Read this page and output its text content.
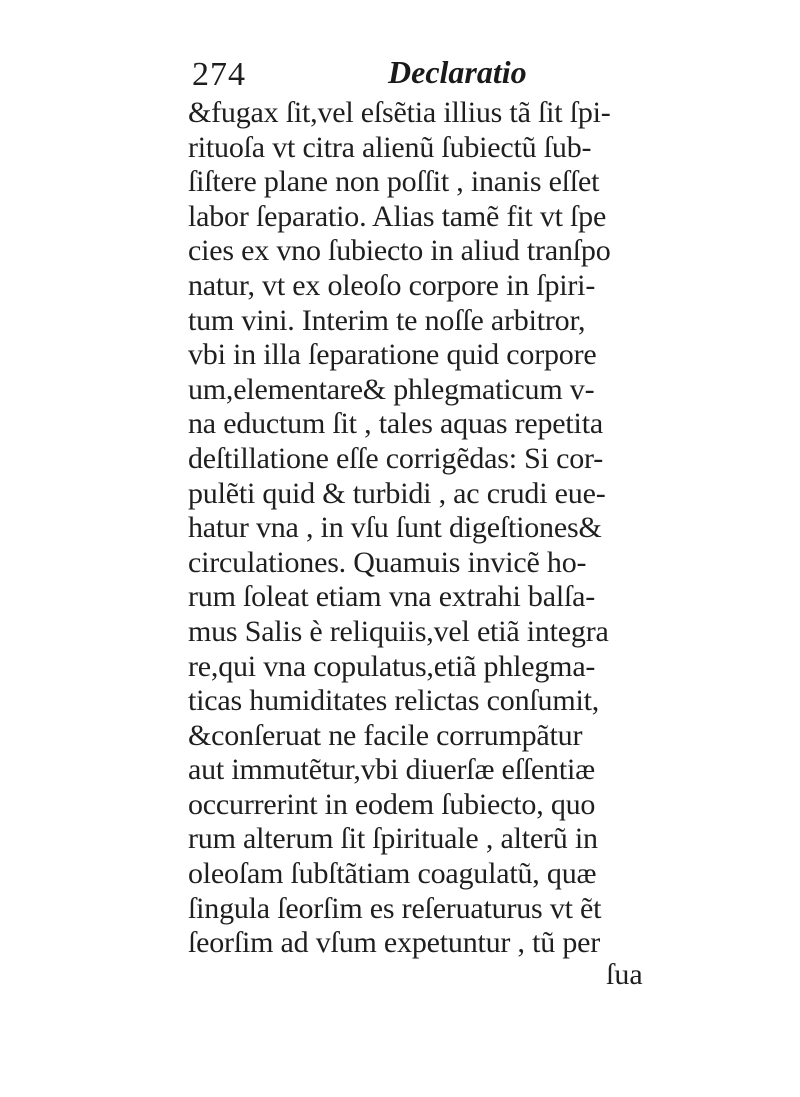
274	Declaratio
&fugax ſit,vel eſsẽtia illius tã ſit ſpi-
rituoſa vt citra alienũ ſubiectũ ſub-
ſiſtere plane non poſſit , inanis eſſet
labor ſeparatio. Alias tamẽ fit vt ſpe
cies ex vno ſubiecto in aliud tranſpo
natur, vt ex oleoſo corpore in ſpiri-
tum vini. Interim te noſſe arbitror,
vbi in illa ſeparatione quid corpore
um,elementare& phlegmaticum v-
na eductum ſit , tales aquas repetita
deſtillatione eſſe corrigẽdas: Si cor-
pulẽti quid & turbidi , ac crudi eue-
hatur vna , in vſu ſunt digeſtiones&
circulationes. Quamuis invicẽ ho-
rum ſoleat etiam vna extrahi balſa-
mus Salis è reliquiis,vel etiã integra
re,qui vna copulatus,etiã phlegma-
ticas humiditates relictas conſumit,
&conſeruat ne facile corrumpãtur
aut immutẽtur,vbi diuerſæ eſſentiæ
occurrerint in eodem ſubiecto, quo
rum alterum ſit ſpirituale , alterũ in
oleoſam ſubſtãtiam coagulatũ, quæ
ſingula ſeorſim es reſeruaturus vt ẽt
ſeorſim ad vſum expetuntur , tũ per
ſua
